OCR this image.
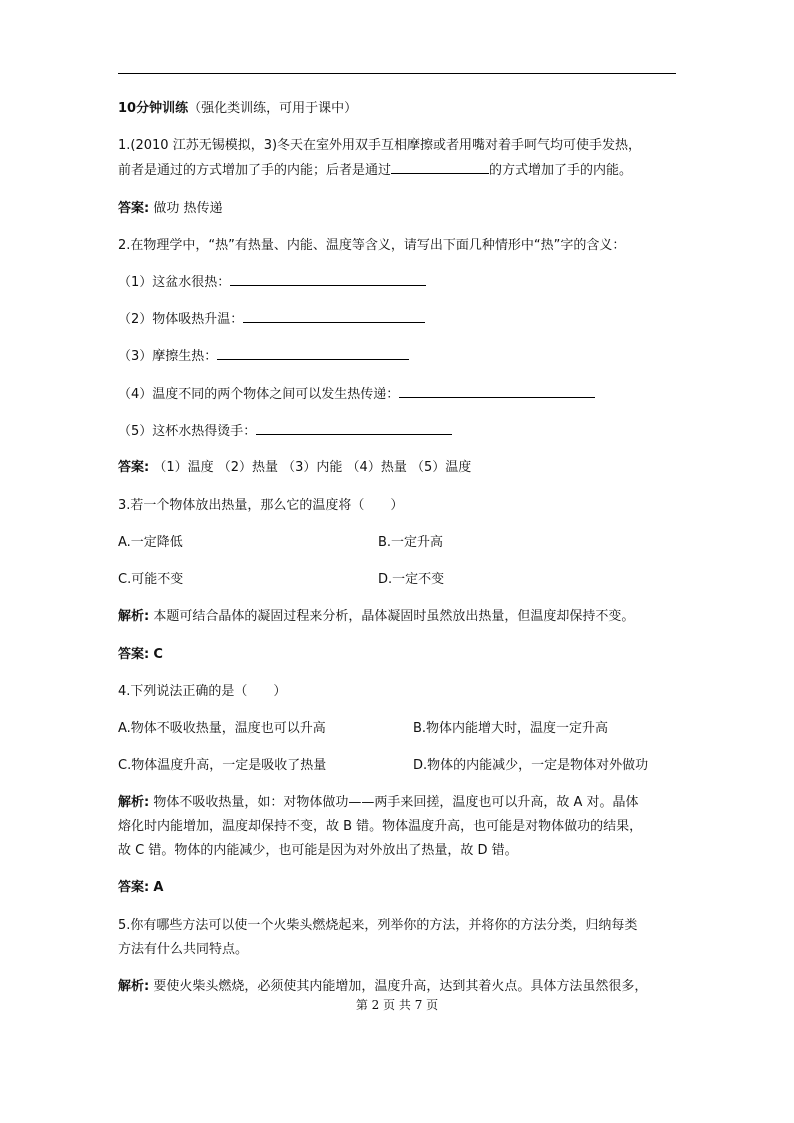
10分钟训练（强化类训练，可用于课中）
1.(2010 江苏无锡模拟，3)冬天在室外用双手互相摩擦或者用嘴对着手呵气均可使手发热，
前者是通过的方式增加了手的内能；后者是通过	的方式增加了手的内能。
答案: 做功 热传递
2.在物理学中，“热”有热量、内能、温度等含义，请写出下面几种情形中“热”字的含义：
（1）这盆水很热：
（2）物体吸热升温：
（3）摩擦生热：
（4）温度不同的两个物体之间可以发生热传递：
（5）这杯水热得烫手：
答案: （1）温度 （2）热量 （3）内能 （4）热量 （5）温度
3.若一个物体放出热量，那么它的温度将（　　）
A.一定降低	B.一定升高
C.可能不变	D.一定不变
解析: 本题可结合晶体的凝固过程来分析，晶体凝固时虽然放出热量，但温度却保持不变。
答案: C
4.下列说法正确的是（　　）
A.物体不吸收热量，温度也可以升高	B.物体内能增大时，温度一定升高
C.物体温度升高，一定是吸收了热量	D.物体的内能减少，一定是物体对外做功
解析: 物体不吸收热量，如：对物体做功——两手来回搓，温度也可以升高，故 A 对。晶体
熔化时内能增加，温度却保持不变，故 B 错。物体温度升高，也可能是对物体做功的结果，
故 C 错。物体的内能减少，也可能是因为对外放出了热量，故 D 错。
答案: A
5.你有哪些方法可以使一个火柴头燃烧起来，列举你的方法，并将你的方法分类，归纳每类
方法有什么共同特点。
解析: 要使火柴头燃烧，必须使其内能增加，温度升高，达到其着火点。具体方法虽然很多，
第 2 页 共 7 页
